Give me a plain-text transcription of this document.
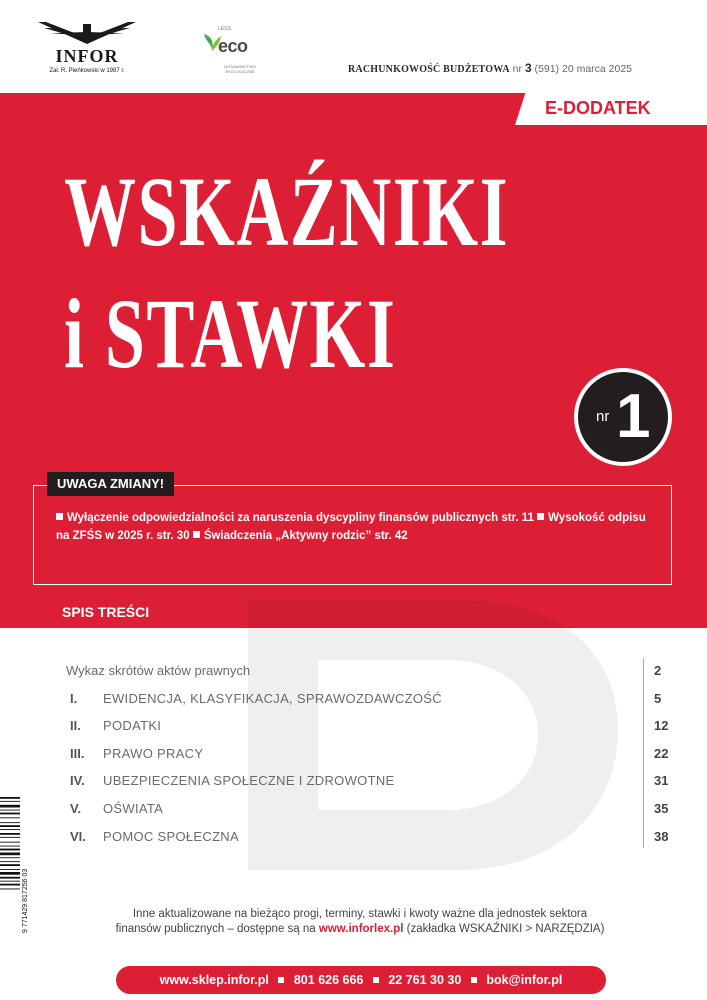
INFOR
Zał. R. Pieńkowski w 1987 r.
LESS
eco
WYDAWNICTWO EKOLOGICZNE	RACHUNKOWOŚĆ BUDŻETOWA nr 3 (591) 20 marca 2025
E-DODATEK
WSKAŹNIKI
i STAWKI
nr 1
UWAGA ZMIANY!
Wyłączenie odpowiedzialności za naruszenia dyscypliny finansów publicznych str. 11 Wysokość odpisu na ZFŚS w 2025 r. str. 30 Świadczenia „Aktywny rodzic” str. 42
SPIS TREŚCI
Wykaz skrótów aktów prawnych	2
I. EWIDENCJA, KLASYFIKACJA, SPRAWOZDAWCZOŚĆ	5
II. PODATKI	12
III. PRAWO PRACY	22
IV. UBEZPIECZENIA SPOŁECZNE I ZDROWOTNE	31
V. OŚWIATA	35
VI. POMOC SPOŁECZNA	38
9 771429 817256 03	Inne aktualizowane na bieżąco progi, terminy, stawki i kwoty ważne dla jednostek sektora
finansów publicznych – dostępne są na www.inforlex.pl (zakładka WSKAŹNIKI > NARZĘDZIA)
www.sklep.infor.pl 801 626 666 22 761 30 30 bok@infor.pl
